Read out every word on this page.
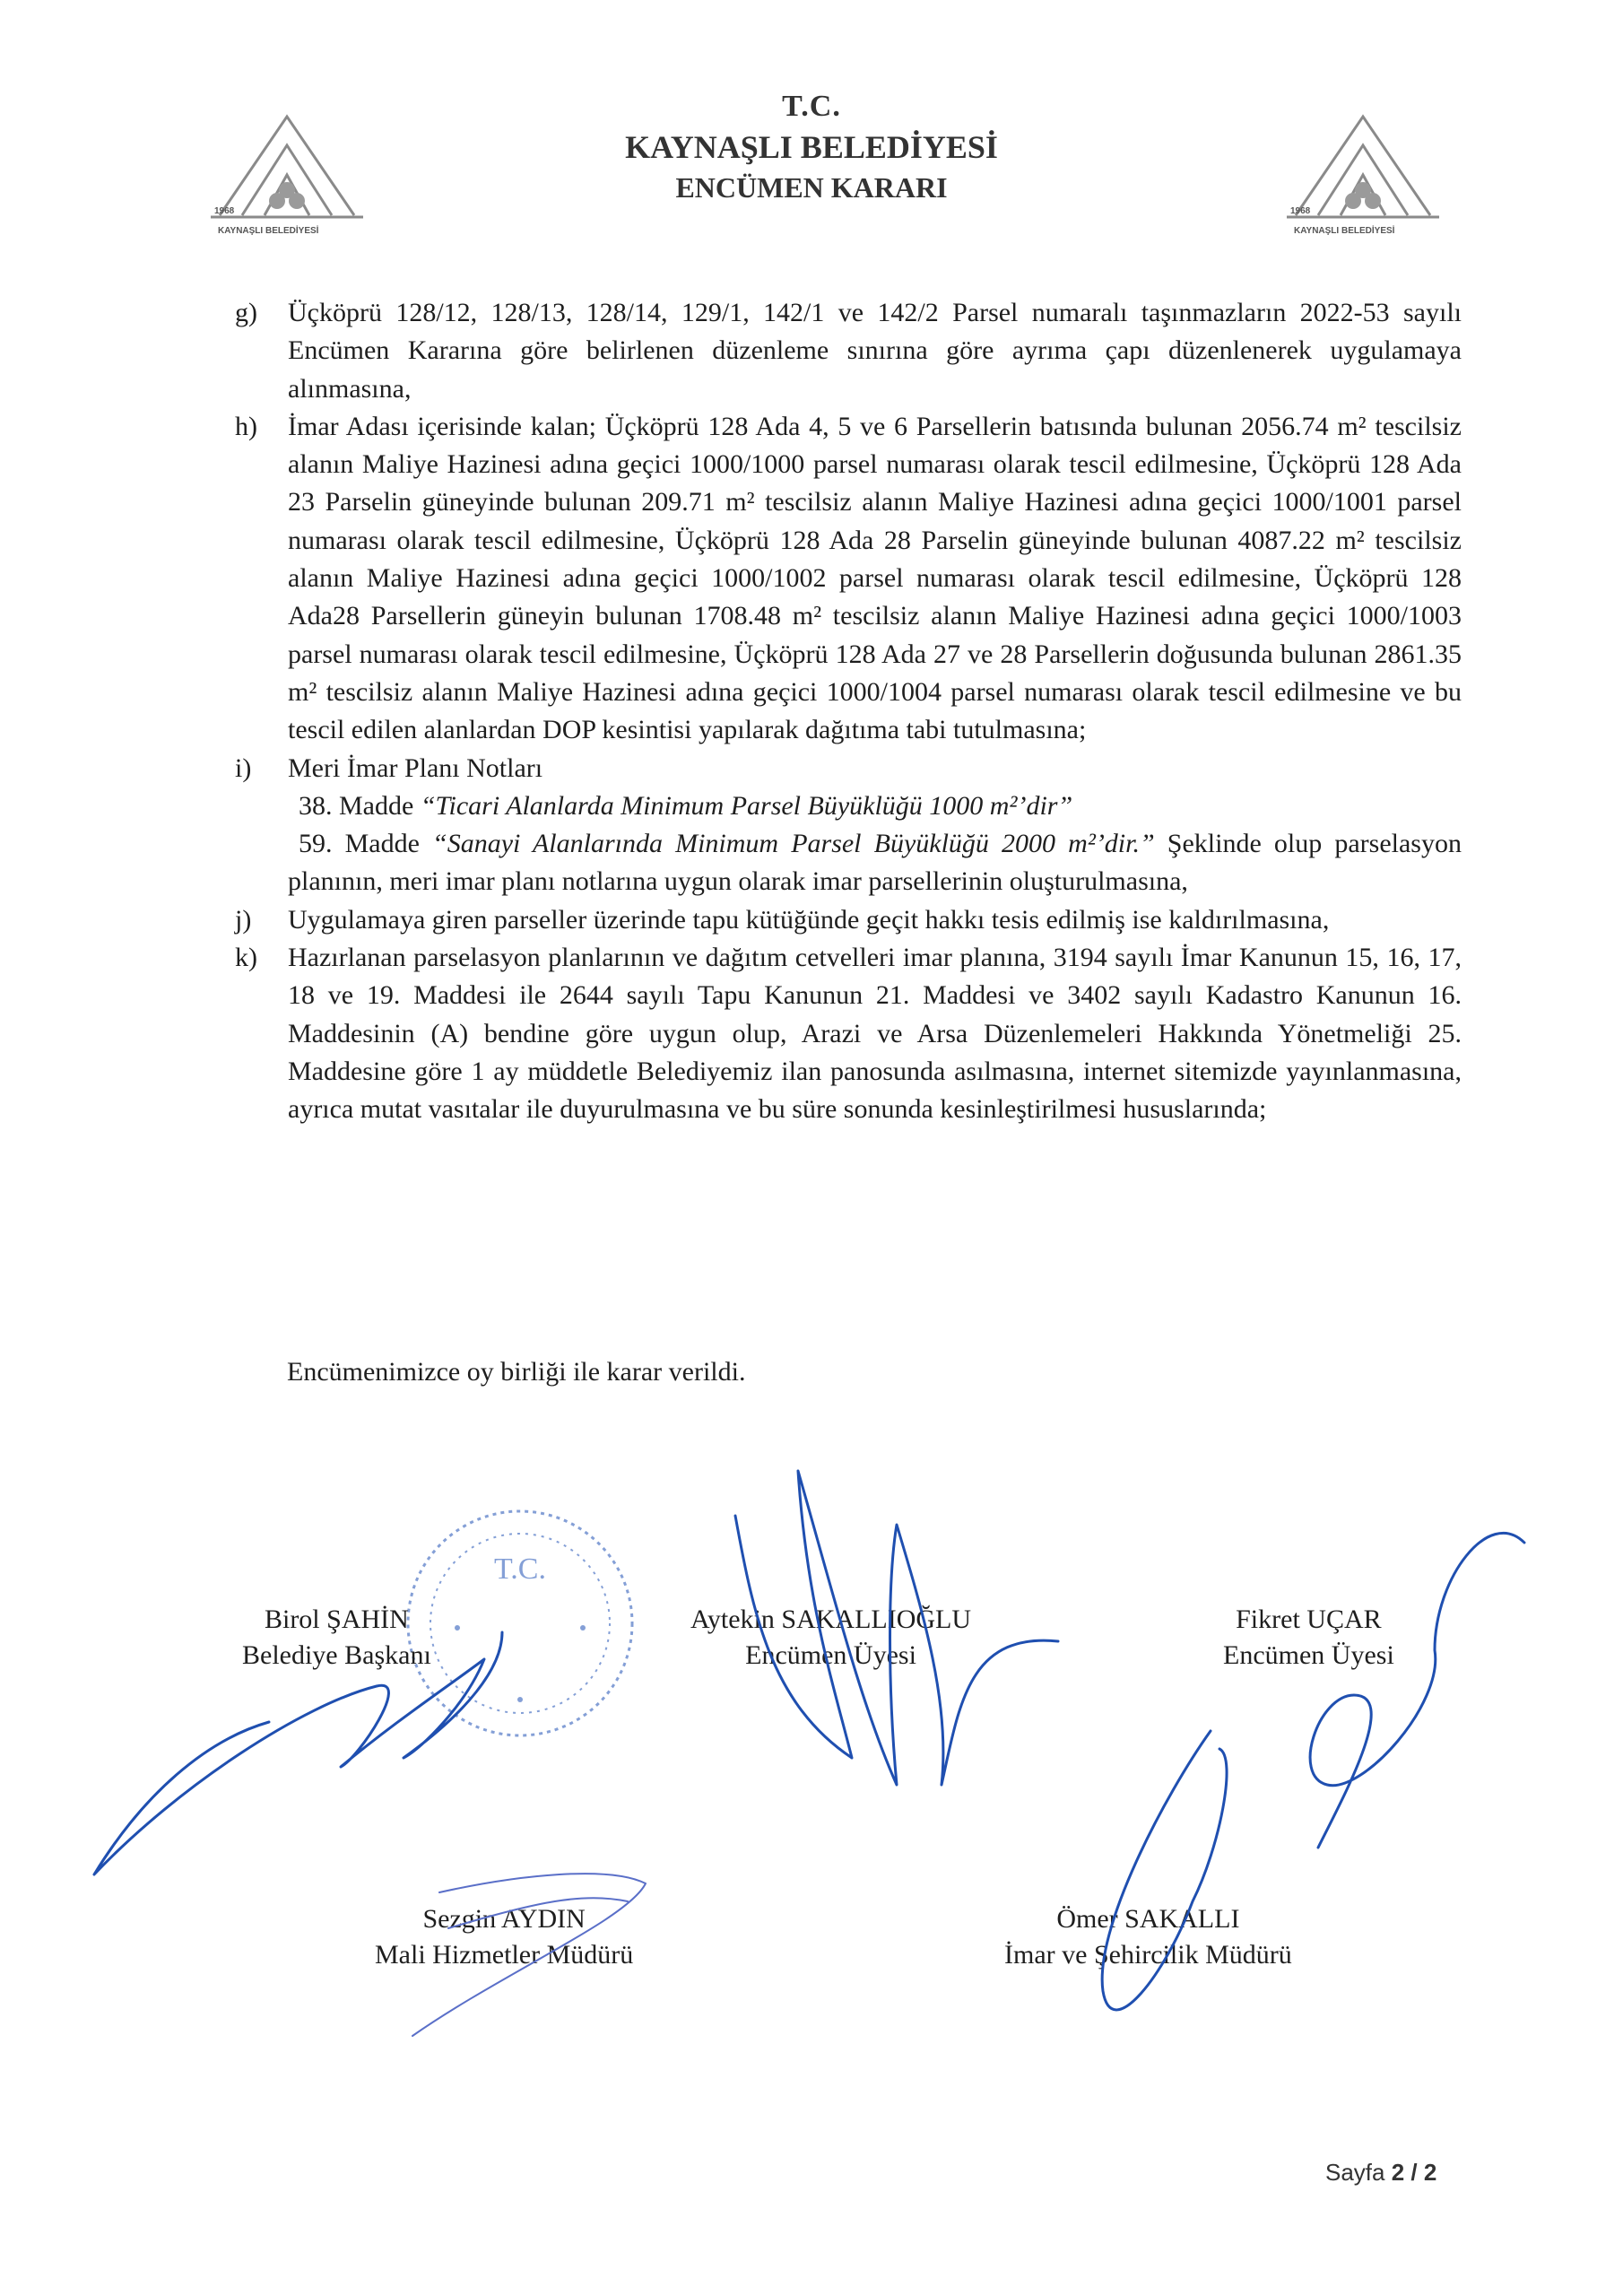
1968
KAYNAŞLI BELEDİYESİ
1968
KAYNAŞLI BELEDİYESİ
T.C.
KAYNAŞLI BELEDİYESİ
ENCÜMEN KARARI
g) Üçköprü 128/12, 128/13, 128/14, 129/1, 142/1 ve 142/2 Parsel numaralı taşınmazların 2022-53 sayılı Encümen Kararına göre belirlenen düzenleme sınırına göre ayrıma çapı düzenlenerek uygulamaya alınmasına,
h) İmar Adası içerisinde kalan; Üçköprü 128 Ada 4, 5 ve 6 Parsellerin batısında bulunan 2056.74 m² tescilsiz alanın Maliye Hazinesi adına geçici 1000/1000 parsel numarası olarak tescil edilmesine, Üçköprü 128 Ada 23 Parselin güneyinde bulunan 209.71 m² tescilsiz alanın Maliye Hazinesi adına geçici 1000/1001 parsel numarası olarak tescil edilmesine, Üçköprü 128 Ada 28 Parselin güneyinde bulunan 4087.22 m² tescilsiz alanın Maliye Hazinesi adına geçici 1000/1002 parsel numarası olarak tescil edilmesine, Üçköprü 128 Ada28 Parsellerin güneyin bulunan 1708.48 m² tescilsiz alanın Maliye Hazinesi adına geçici 1000/1003 parsel numarası olarak tescil edilmesine, Üçköprü 128 Ada 27 ve 28 Parsellerin doğusunda bulunan 2861.35 m² tescilsiz alanın Maliye Hazinesi adına geçici 1000/1004 parsel numarası olarak tescil edilmesine ve bu tescil edilen alanlardan DOP kesintisi yapılarak dağıtıma tabi tutulmasına;
i) Meri İmar Planı Notları
38. Madde “Ticari Alanlarda Minimum Parsel Büyüklüğü 1000 m²’dir”
59. Madde “Sanayi Alanlarında Minimum Parsel Büyüklüğü 2000 m²’dir.” Şeklinde olup parselasyon planının, meri imar planı notlarına uygun olarak imar parsellerinin oluşturulmasına,
j) Uygulamaya giren parseller üzerinde tapu kütüğünde geçit hakkı tesis edilmiş ise kaldırılmasına,
k) Hazırlanan parselasyon planlarının ve dağıtım cetvelleri imar planına, 3194 sayılı İmar Kanunun 15, 16, 17, 18 ve 19. Maddesi ile 2644 sayılı Tapu Kanunun 21. Maddesi ve 3402 sayılı Kadastro Kanunun 16. Maddesinin (A) bendine göre uygun olup, Arazi ve Arsa Düzenlemeleri Hakkında Yönetmeliği 25. Maddesine göre 1 ay müddetle Belediyemiz ilan panosunda asılmasına, internet sitemizde yayınlanmasına, ayrıca mutat vasıtalar ile duyurulmasına ve bu süre sonunda kesinleştirilmesi hususlarında;
Encümenimizce oy birliği ile karar verildi.
T.C.
Birol ŞAHİN
Belediye Başkanı
Aytekin SAKALLIOĞLU
Encümen Üyesi
Fikret UÇAR
Encümen Üyesi
Sezgin AYDIN
Mali Hizmetler Müdürü
Ömer SAKALLI
İmar ve Şehircilik Müdürü
Sayfa 2 / 2
